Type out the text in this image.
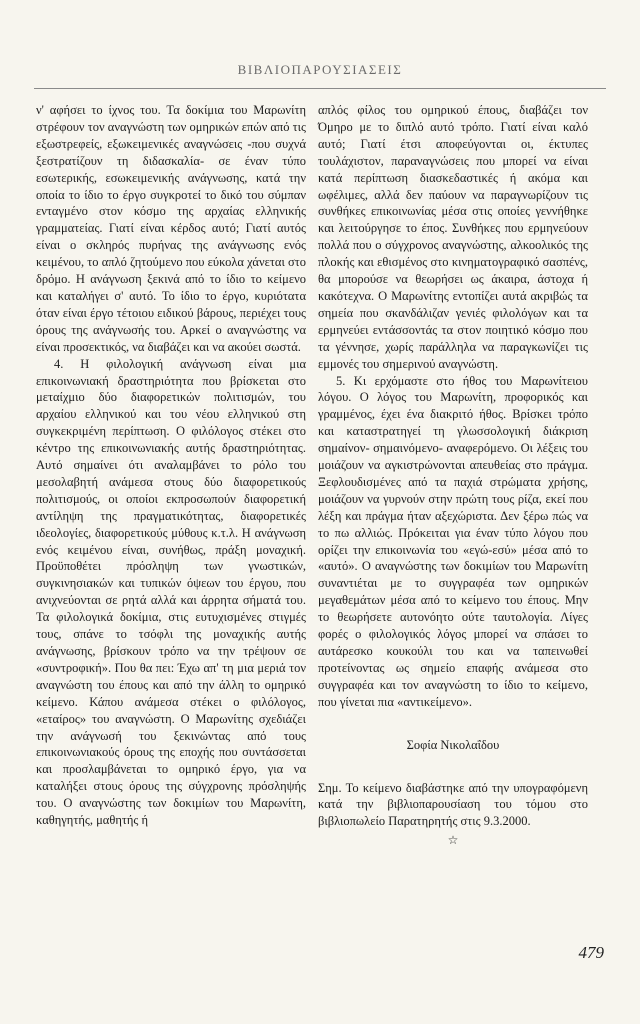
ΒΙΒΛΙΟΠΑΡΟΥΣΙΑΣΕΙΣ

ν' αφήσει το ίχνος του. Τα δοκίμια του Μαρωνίτη στρέφουν τον αναγνώστη των ομηρικών επών από τις εξωστρεφείς, εξωκειμενικές αναγνώσεις -που συχνά ξεστρατίζουν τη διδασκαλία- σε έναν τύπο εσωτερικής, εσωκειμενικής ανάγνωσης, κατά την οποία το ίδιο το έργο συγκροτεί το δικό του σύμπαν ενταγμένο στον κόσμο της αρχαίας ελληνικής γραμματείας. Γιατί είναι κέρδος αυτό; Γιατί αυτός είναι ο σκληρός πυρήνας της ανάγνωσης ενός κειμένου, το απλό ζητούμενο που εύκολα χάνεται στο δρόμο. Η ανάγνωση ξεκινά από το ίδιο το κείμενο και καταλήγει σ' αυτό. Το ίδιο το έργο, κυριότατα όταν είναι έργο τέτοιου ειδικού βάρους, περιέχει τους όρους της ανάγνωσής του. Αρκεί ο αναγνώστης να είναι προσεκτικός, να διαβάζει και να ακούει σωστά.

4. Η φιλολογική ανάγνωση είναι μια επικοινωνιακή δραστηριότητα που βρίσκεται στο μεταίχμιο δύο διαφορετικών πολιτισμών, του αρχαίου ελληνικού και του νέου ελληνικού στη συγκεκριμένη περίπτωση. Ο φιλόλογος στέκει στο κέντρο της επικοινωνιακής αυτής δραστηριότητας. Αυτό σημαίνει ότι αναλαμβάνει το ρόλο του μεσολαβητή ανάμεσα στους δύο διαφορετικούς πολιτισμούς, οι οποίοι εκπροσωπούν διαφορετική αντίληψη της πραγματικότητας, διαφορετικές ιδεολογίες, διαφορετικούς μύθους κ.τ.λ. Η ανάγνωση ενός κειμένου είναι, συνήθως, πράξη μοναχική. Προϋποθέτει πρόσληψη των γνωστικών, συγκινησιακών και τυπικών όψεων του έργου, που ανιχνεύονται σε ρητά αλλά και άρρητα σήματά του. Τα φιλολογικά δοκίμια, στις ευτυχισμένες στιγμές τους, σπάνε το τσόφλι της μοναχικής αυτής ανάγνωσης, βρίσκουν τρόπο να την τρέψουν σε «συντροφική». Που θα πει: Έχω απ' τη μια μεριά τον αναγνώστη του έπους και από την άλλη το ομηρικό κείμενο. Κάπου ανάμεσα στέκει ο φιλόλογος, «εταίρος» του αναγνώστη. Ο Μαρωνίτης σχεδιάζει την ανάγνωσή του ξεκινώντας από τους επικοινωνιακούς όρους της εποχής που συντάσσεται και προσλαμβάνεται το ομηρικό έργο, για να καταλήξει στους όρους της σύγχρονης πρόσληψής του. Ο αναγνώστης των δοκιμίων του Μαρωνίτη, καθηγητής, μαθητής ή

απλός φίλος του ομηρικού έπους, διαβάζει τον Όμηρο με το διπλό αυτό τρόπο. Γιατί είναι καλό αυτό; Γιατί έτσι αποφεύγονται οι, έκτυπες τουλάχιστον, παραναγνώσεις που μπορεί να είναι κατά περίπτωση διασκεδαστικές ή ακόμα και ωφέλιμες, αλλά δεν παύουν να παραγνωρίζουν τις συνθήκες επικοινωνίας μέσα στις οποίες γεννήθηκε και λειτούργησε το έπος. Συνθήκες που ερμηνεύουν πολλά που ο σύγχρονος αναγνώστης, αλκοολικός της πλοκής και εθισμένος στο κινηματογραφικό σασπένς, θα μπορούσε να θεωρήσει ως άκαιρα, άστοχα ή κακότεχνα. Ο Μαρωνίτης εντοπίζει αυτά ακριβώς τα σημεία που σκανδάλιζαν γενιές φιλολόγων και τα ερμηνεύει εντάσσοντάς τα στον ποιητικό κόσμο που τα γέννησε, χωρίς παράλληλα να παραγκωνίζει τις εμμονές του σημερινού αναγνώστη.

5. Κι ερχόμαστε στο ήθος του Μαρωνίτειου λόγου. Ο λόγος του Μαρωνίτη, προφορικός και γραμμένος, έχει ένα διακριτό ήθος. Βρίσκει τρόπο και καταστρατηγεί τη γλωσσολογική διάκριση σημαίνον- σημαινόμενο- αναφερόμενο. Οι λέξεις του μοιάζουν να αγκιστρώνονται απευθείας στο πράγμα. Ξεφλουδισμένες από τα παχιά στρώματα χρήσης, μοιάζουν να γυρνούν στην πρώτη τους ρίζα, εκεί που λέξη και πράγμα ήταν αξεχώριστα. Δεν ξέρω πώς να το πω αλλιώς. Πρόκειται για έναν τύπο λόγου που ορίζει την επικοινωνία του «εγώ-εσύ» μέσα από το «αυτό». Ο αναγνώστης των δοκιμίων του Μαρωνίτη συναντιέται με το συγγραφέα των ομηρικών μεγαθεμάτων μέσα από το κείμενο του έπους. Μην το θεωρήσετε αυτονόητο ούτε ταυτολογία. Λίγες φορές ο φιλολογικός λόγος μπορεί να σπάσει το αυτάρεσκο κουκούλι του και να ταπεινωθεί προτείνοντας ως σημείο επαφής ανάμεσα στο συγγραφέα και τον αναγνώστη το ίδιο το κείμενο, που γίνεται πια «αντικείμενο».

Σοφία Νικολαΐδου

Σημ. Το κείμενο διαβάστηκε από την υπογραφόμενη κατά την βιβλιοπαρουσίαση του τόμου στο βιβλιοπωλείο Παρατηρητής στις 9.3.2000.

☆

479
